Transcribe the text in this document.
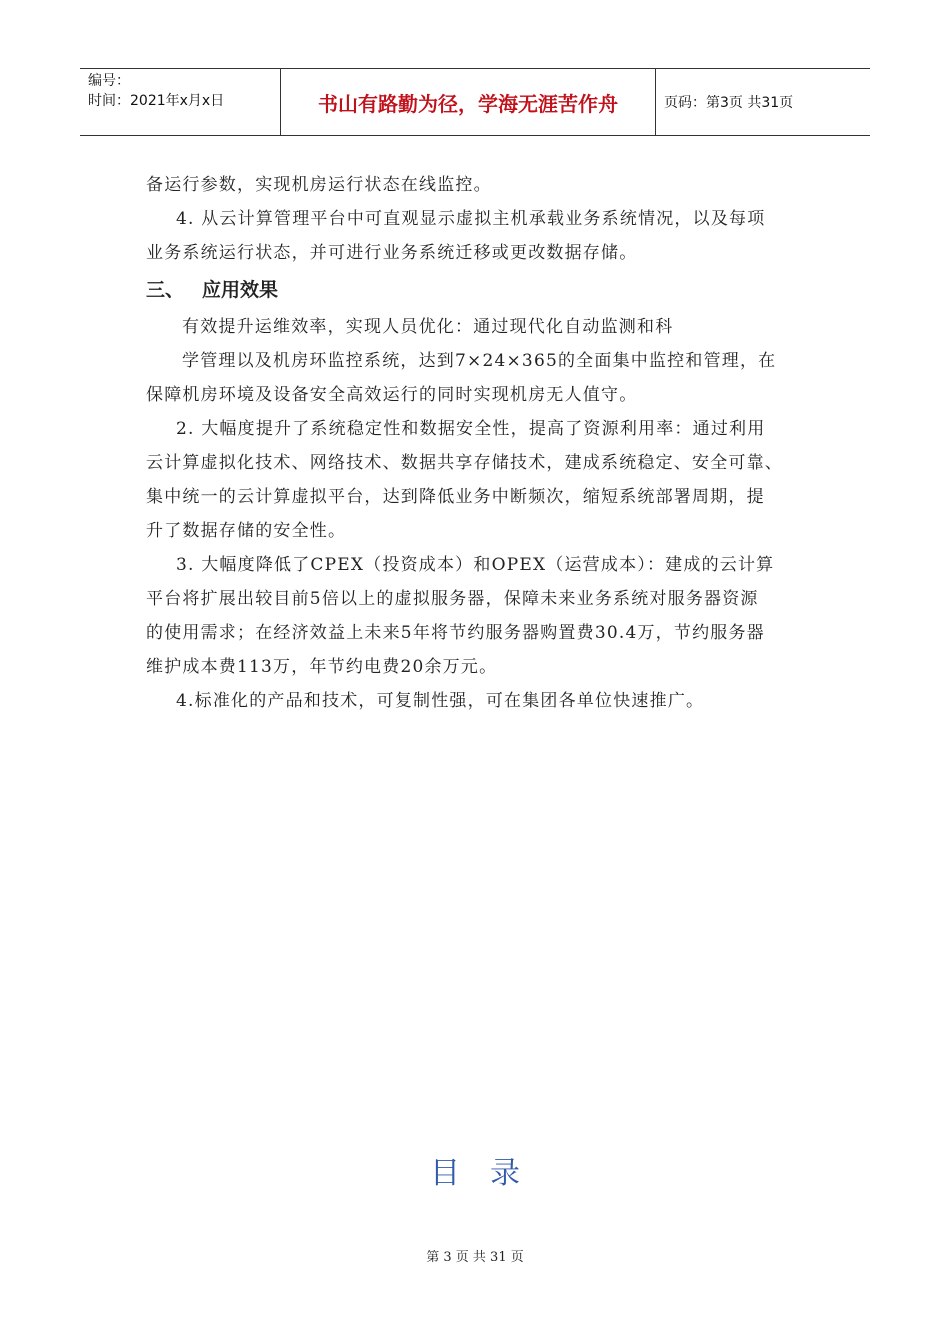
编号：
时间：2021年x月x日	书山有路勤为径，学海无涯苦作舟	页码：第3页 共31页

备运行参数，实现机房运行状态在线监控。

4. 从云计算管理平台中可直观显示虚拟主机承载业务系统情况，以及每项

业务系统运行状态，并可进行业务系统迁移或更改数据存储。

三、 应用效果

有效提升运维效率，实现人员优化：通过现代化自动监测和科

学管理以及机房环监控系统，达到7×24×365的全面集中监控和管理，在

保障机房环境及设备安全高效运行的同时实现机房无人值守。

2. 大幅度提升了系统稳定性和数据安全性，提高了资源利用率：通过利用

云计算虚拟化技术、网络技术、数据共享存储技术，建成系统稳定、安全可靠、

集中统一的云计算虚拟平台，达到降低业务中断频次，缩短系统部署周期，提

升了数据存储的安全性。

3. 大幅度降低了CPEX（投资成本）和OPEX（运营成本）：建成的云计算

平台将扩展出较目前5倍以上的虚拟服务器，保障未来业务系统对服务器资源

的使用需求；在经济效益上未来5年将节约服务器购置费30.4万，节约服务器

维护成本费113万，年节约电费20余万元。

4.标准化的产品和技术，可复制性强，可在集团各单位快速推广。

目录
第 3 页 共 31 页
